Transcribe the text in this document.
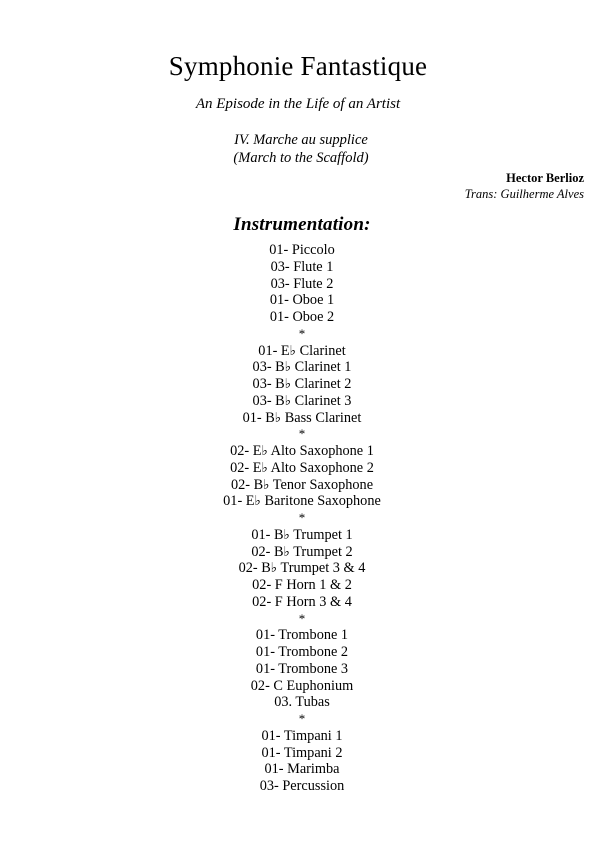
Symphonie Fantastique
An Episode in the Life of an Artist
IV. Marche au supplice
(March to the Scaffold)
Hector Berlioz
Trans: Guilherme Alves
Instrumentation:
01- Piccolo
03- Flute 1
03- Flute 2
01- Oboe 1
01- Oboe 2
*
01- E♭ Clarinet
03- B♭ Clarinet 1
03- B♭ Clarinet 2
03- B♭ Clarinet 3
01- B♭ Bass Clarinet
*
02- E♭ Alto Saxophone 1
02- E♭ Alto Saxophone 2
02- B♭ Tenor Saxophone
01- E♭ Baritone Saxophone
*
01- B♭ Trumpet 1
02- B♭ Trumpet 2
02- B♭ Trumpet 3 & 4
02- F Horn 1 & 2
02- F Horn 3 & 4
*
01- Trombone 1
01- Trombone 2
01- Trombone 3
02- C Euphonium
03. Tubas
*
01- Timpani 1
01- Timpani 2
01- Marimba
03- Percussion
